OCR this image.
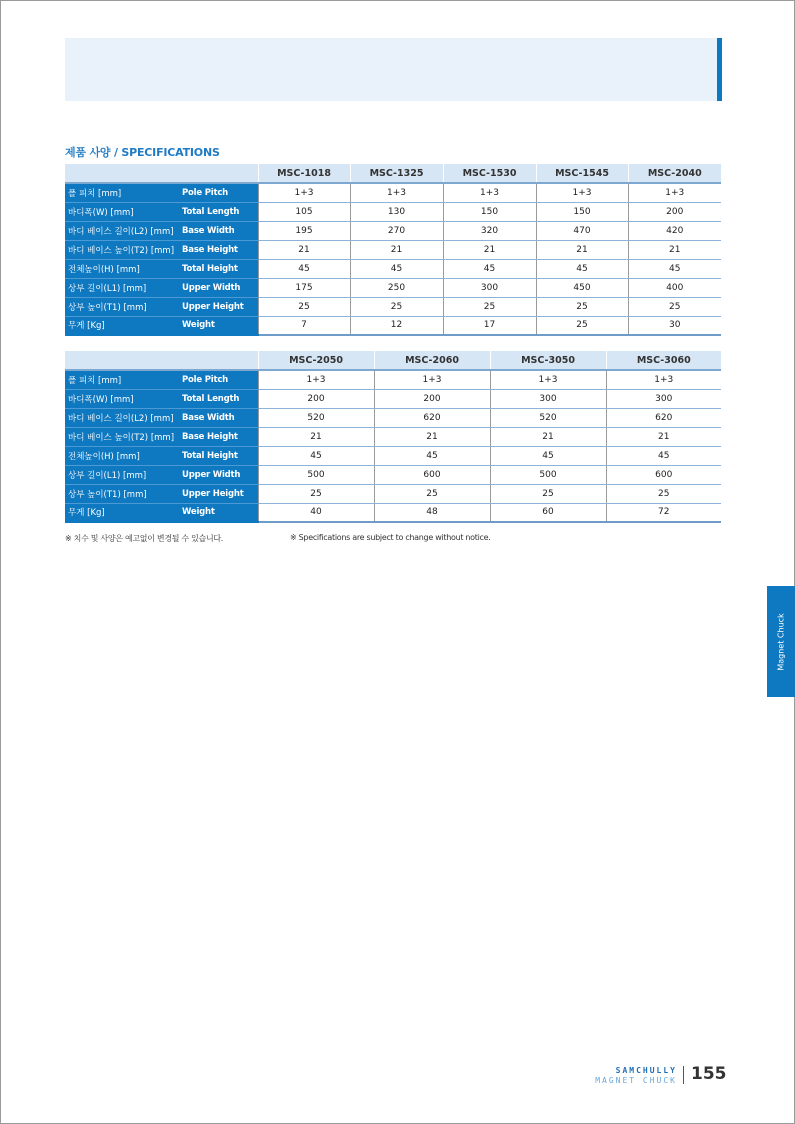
제품 사양 / SPECIFICATIONS
		MSC-1018	MSC-1325	MSC-1530	MSC-1545	MSC-2040
폴 피치 [mm]	Pole Pitch	1+3	1+3	1+3	1+3	1+3
바디폭(W) [mm]	Total Length	105	130	150	150	200
바디 베이스 길이(L2) [mm]	Base Width	195	270	320	470	420
바디 베이스 높이(T2) [mm]	Base Height	21	21	21	21	21
전체높이(H) [mm]	Total Height	45	45	45	45	45
상부 길이(L1) [mm]	Upper Width	175	250	300	450	400
상부 높이(T1) [mm]	Upper Height	25	25	25	25	25
무게 [Kg]	Weight	7	12	17	25	30
		MSC-2050	MSC-2060	MSC-3050	MSC-3060
폴 피치 [mm]	Pole Pitch	1+3	1+3	1+3	1+3
바디폭(W) [mm]	Total Length	200	200	300	300
바디 베이스 길이(L2) [mm]	Base Width	520	620	520	620
바디 베이스 높이(T2) [mm]	Base Height	21	21	21	21
전체높이(H) [mm]	Total Height	45	45	45	45
상부 길이(L1) [mm]	Upper Width	500	600	500	600
상부 높이(T1) [mm]	Upper Height	25	25	25	25
무게 [Kg]	Weight	40	48	60	72
※ 치수 및 사양은 예고없이 변경될 수 있습니다.	※ Specifications are subject to change without notice.
Magnet Chuck
SAMCHULLY
MAGNET CHUCK 155
